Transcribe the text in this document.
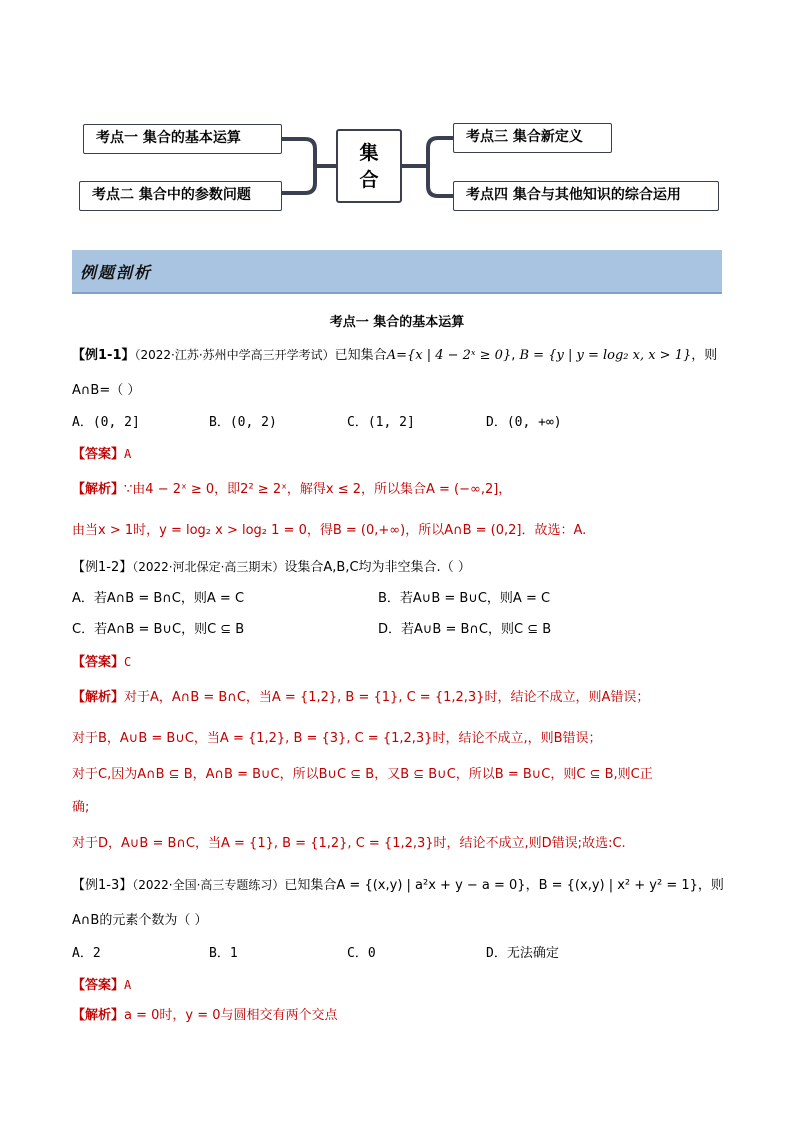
考点一 集合的基本运算
考点二 集合中的参数问题
集
合
考点三 集合新定义
考点四 集合与其他知识的综合运用
例题剖析
考点一 集合的基本运算
【例1-1】（2022·江苏·苏州中学高三开学考试）已知集合A={x | 4 − 2ˣ ≥ 0}, B = {y | y = log₂ x, x > 1}，则
A∩B=（ ）
A．(0, 2]	B．(0, 2)	C．(1, 2]	D．(0, +∞)
【答案】A
【解析】∵由4 − 2ˣ ≥ 0，即2² ≥ 2ˣ，解得x ≤ 2，所以集合A = (−∞,2]，
由当x > 1时，y = log₂ x > log₂ 1 = 0，得B = (0,+∞)，所以A∩B = (0,2]．故选：A.
【例1-2】（2022·河北保定·高三期末）设集合A,B,C均为非空集合.（ ）
A．若A∩B = B∩C，则A = C	B．若A∪B = B∪C，则A = C
C．若A∩B = B∪C，则C ⊆ B	D．若A∪B = B∩C，则C ⊆ B
【答案】C
【解析】对于A，A∩B = B∩C，当A = {1,2}, B = {1}, C = {1,2,3}时，结论不成立，则A错误；
对于B，A∪B = B∪C，当A = {1,2}, B = {3}, C = {1,2,3}时，结论不成立,，则B错误；
对于C,因为A∩B ⊆ B，A∩B = B∪C，所以B∪C ⊆ B，又B ⊆ B∪C，所以B = B∪C，则C ⊆ B,则C正
确;
对于D，A∪B = B∩C，当A = {1}, B = {1,2}, C = {1,2,3}时，结论不成立,则D错误;故选:C.
【例1-3】（2022·全国·高三专题练习）已知集合A = {(x,y) | a²x + y − a = 0}，B = {(x,y) | x² + y² = 1}，则
A∩B的元素个数为（ ）
A．2	B．1	C．0	D．无法确定
【答案】A
【解析】a = 0时，y = 0与圆相交有两个交点
